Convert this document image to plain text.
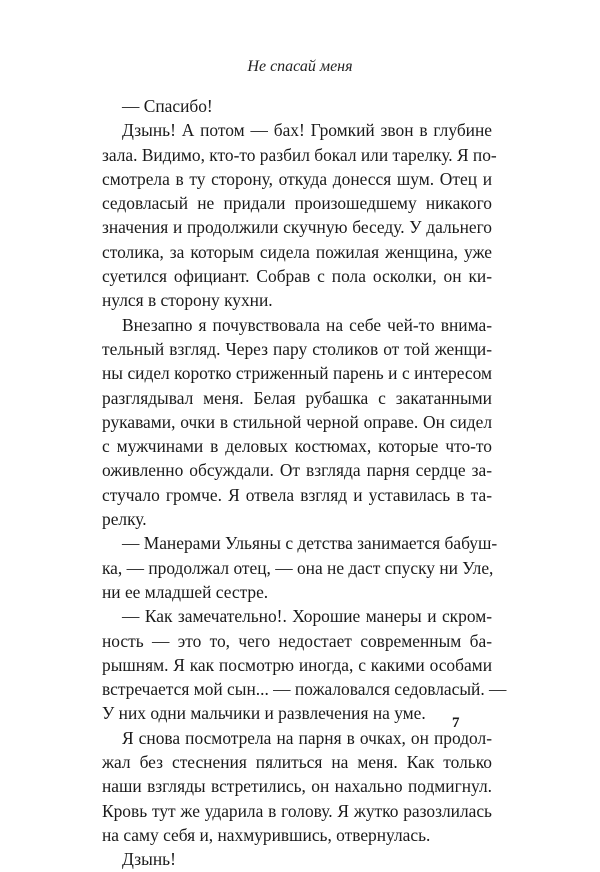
Не спасай меня
— Спасибо!
Дзынь! А потом — бах! Громкий звон в глубине
зала. Видимо, кто-то разбил бокал или тарелку. Я по-
смотрела в ту сторону, откуда донесся шум. Отец и
седовласый не придали произошедшему никакого
значения и продолжили скучную беседу. У дальнего
столика, за которым сидела пожилая женщина, уже
суетился официант. Собрав с пола осколки, он ки-
нулся в сторону кухни.
Внезапно я почувствовала на себе чей-то внима-
тельный взгляд. Через пару столиков от той женщи-
ны сидел коротко стриженный парень и с интересом
разглядывал меня. Белая рубашка с закатанными
рукавами, очки в стильной черной оправе. Он сидел
с мужчинами в деловых костюмах, которые что-то
оживленно обсуждали. От взгляда парня сердце за-
стучало громче. Я отвела взгляд и уставилась в та-
релку.
— Манерами Ульяны с детства занимается бабуш-
ка, — продолжал отец, — она не даст спуску ни Уле,
ни ее младшей сестре.
— Как замечательно!. Хорошие манеры и скром-
ность — это то, чего недостает современным ба-
рышням. Я как посмотрю иногда, с какими особами
встречается мой сын... — пожаловался седовласый. —
У них одни мальчики и развлечения на уме.
Я снова посмотрела на парня в очках, он продол-
жал без стеснения пялиться на меня. Как только
наши взгляды встретились, он нахально подмигнул.
Кровь тут же ударила в голову. Я жутко разозлилась
на саму себя и, нахмурившись, отвернулась.
Дзынь!
7
